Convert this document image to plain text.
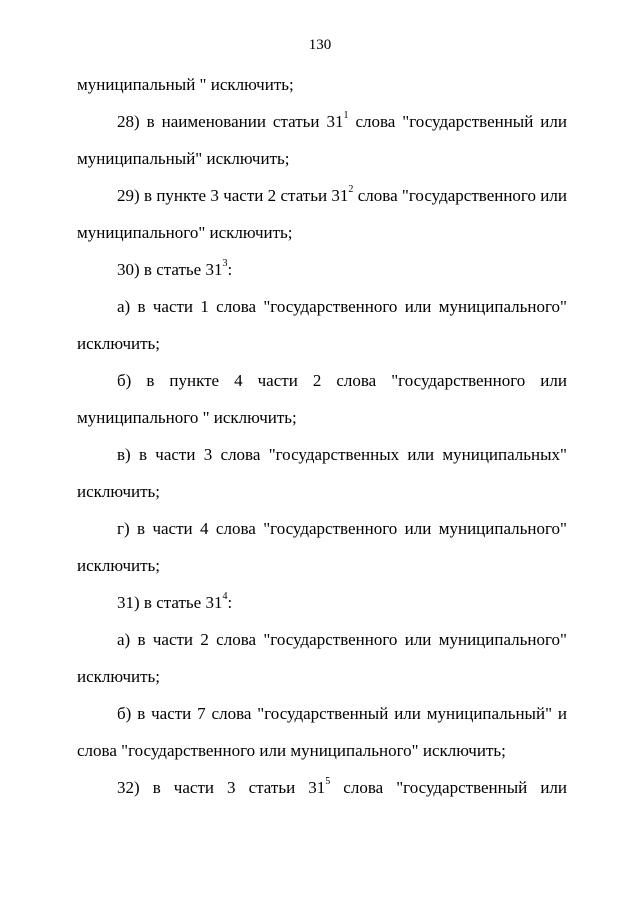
130
муниципальный " исключить;
28) в наименовании статьи $31^1$ слова "государственный или
муниципальный" исключить;
29) в пункте 3 части 2 статьи $31^2$ слова "государственного или
муниципального" исключить;
30) в статье $31^3$:
а) в части 1 слова "государственного или муниципального"
исключить;
б) в пункте 4 части 2 слова "государственного или
муниципального " исключить;
в) в части 3 слова "государственных или муниципальных"
исключить;
г) в части 4 слова "государственного или муниципального"
исключить;
31) в статье $31^4$:
а) в части 2 слова "государственного или муниципального"
исключить;
б) в части 7 слова "государственный или муниципальный" и
слова "государственного или муниципального" исключить;
32) в части 3 статьи $31^5$ слова "государственный или
